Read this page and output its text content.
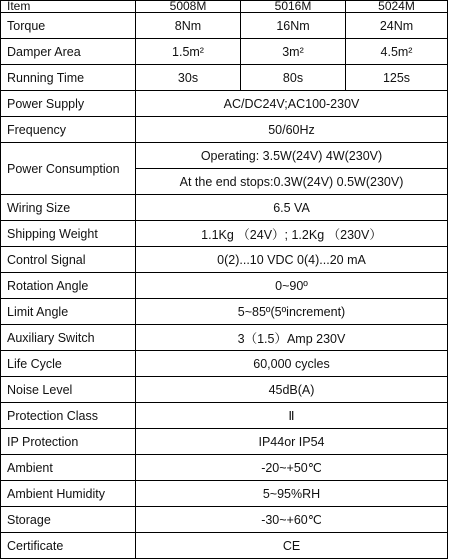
Item	5008M	5016M	5024M
Torque	8Nm	16Nm	24Nm
Damper Area	1.5m²	3m²	4.5m²
Running Time	30s	80s	125s
Power Supply	AC/DC24V;AC100-230V		
Frequency	50/60Hz		
Power Consumption	Operating: 3.5W(24V) 4W(230V)		
	At the end stops:0.3W(24V) 0.5W(230V)		
Wiring Size	6.5 VA		
Shipping Weight	1.1Kg （24V）; 1.2Kg （230V）		
Control Signal	0(2)...10 VDC 0(4)...20 mA		
Rotation Angle	0~90º		
Limit Angle	5~85º(5ºincrement)		
Auxiliary Switch	3（1.5）Amp 230V		
Life Cycle	60,000 cycles		
Noise Level	45dB(A)		
Protection Class	Ⅱ		
IP Protection	IP44or IP54		
Ambient	-20~+50℃		
Ambient Humidity	5~95%RH		
Storage	-30~+60℃		
Certificate	CE		
